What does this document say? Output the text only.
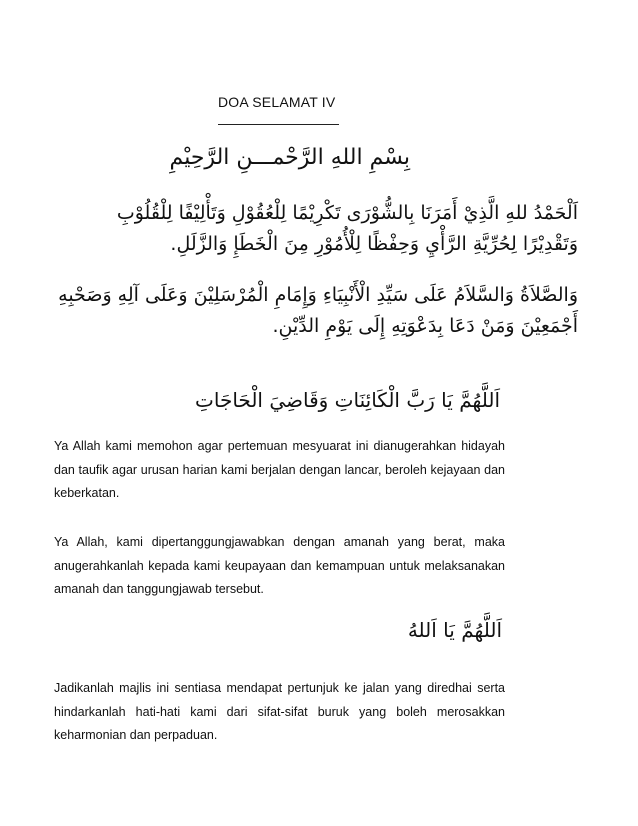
DOA SELAMAT IV
بِسْمِ اللهِ الرَّحْمـــنِ الرَّحِيْمِ
اَلْحَمْدُ للهِ الَّذِيْ أَمَرَنَا بِالشُّوْرَى تَكْرِيْمًا لِلْعُقُوْلِ وَتَأْلِيْفًا لِلْقُلُوْبِ
وَتَقْدِيْرًا لِحُرِّيَّةِ الرَّأْيِ وَحِفْظًا لِلْأُمُوْرِ مِنَ الْخَطَإِ وَالزَّلَلِ.
وَالصَّلاَةُ وَالسَّلاَمُ عَلَى سَيِّدِ الْأَنْبِيَاءِ وَإِمَامِ الْمُرْسَلِيْنَ وَعَلَى آلِهِ وَصَحْبِهِ
أَجْمَعِيْنَ وَمَنْ دَعَا بِدَعْوَتِهِ إِلَى يَوْمِ الدِّيْنِ.
اَللَّهُمَّ يَا رَبَّ الْكَائِنَاتِ وَقَاضِيَ الْحَاجَاتِ
Ya Allah kami memohon agar pertemuan mesyuarat ini dianugerahkan hidayah dan taufik agar urusan harian kami berjalan dengan lancar, beroleh kejayaan dan keberkatan.
Ya Allah, kami dipertanggungjawabkan dengan amanah yang berat, maka anugerahkanlah kepada kami keupayaan dan kemampuan untuk melaksanakan amanah dan tanggungjawab tersebut.
اَللَّهُمَّ يَا اَللهُ
Jadikanlah majlis ini sentiasa mendapat pertunjuk ke jalan yang diredhai serta hindarkanlah hati-hati kami dari sifat-sifat buruk yang boleh merosakkan keharmonian dan perpaduan.
